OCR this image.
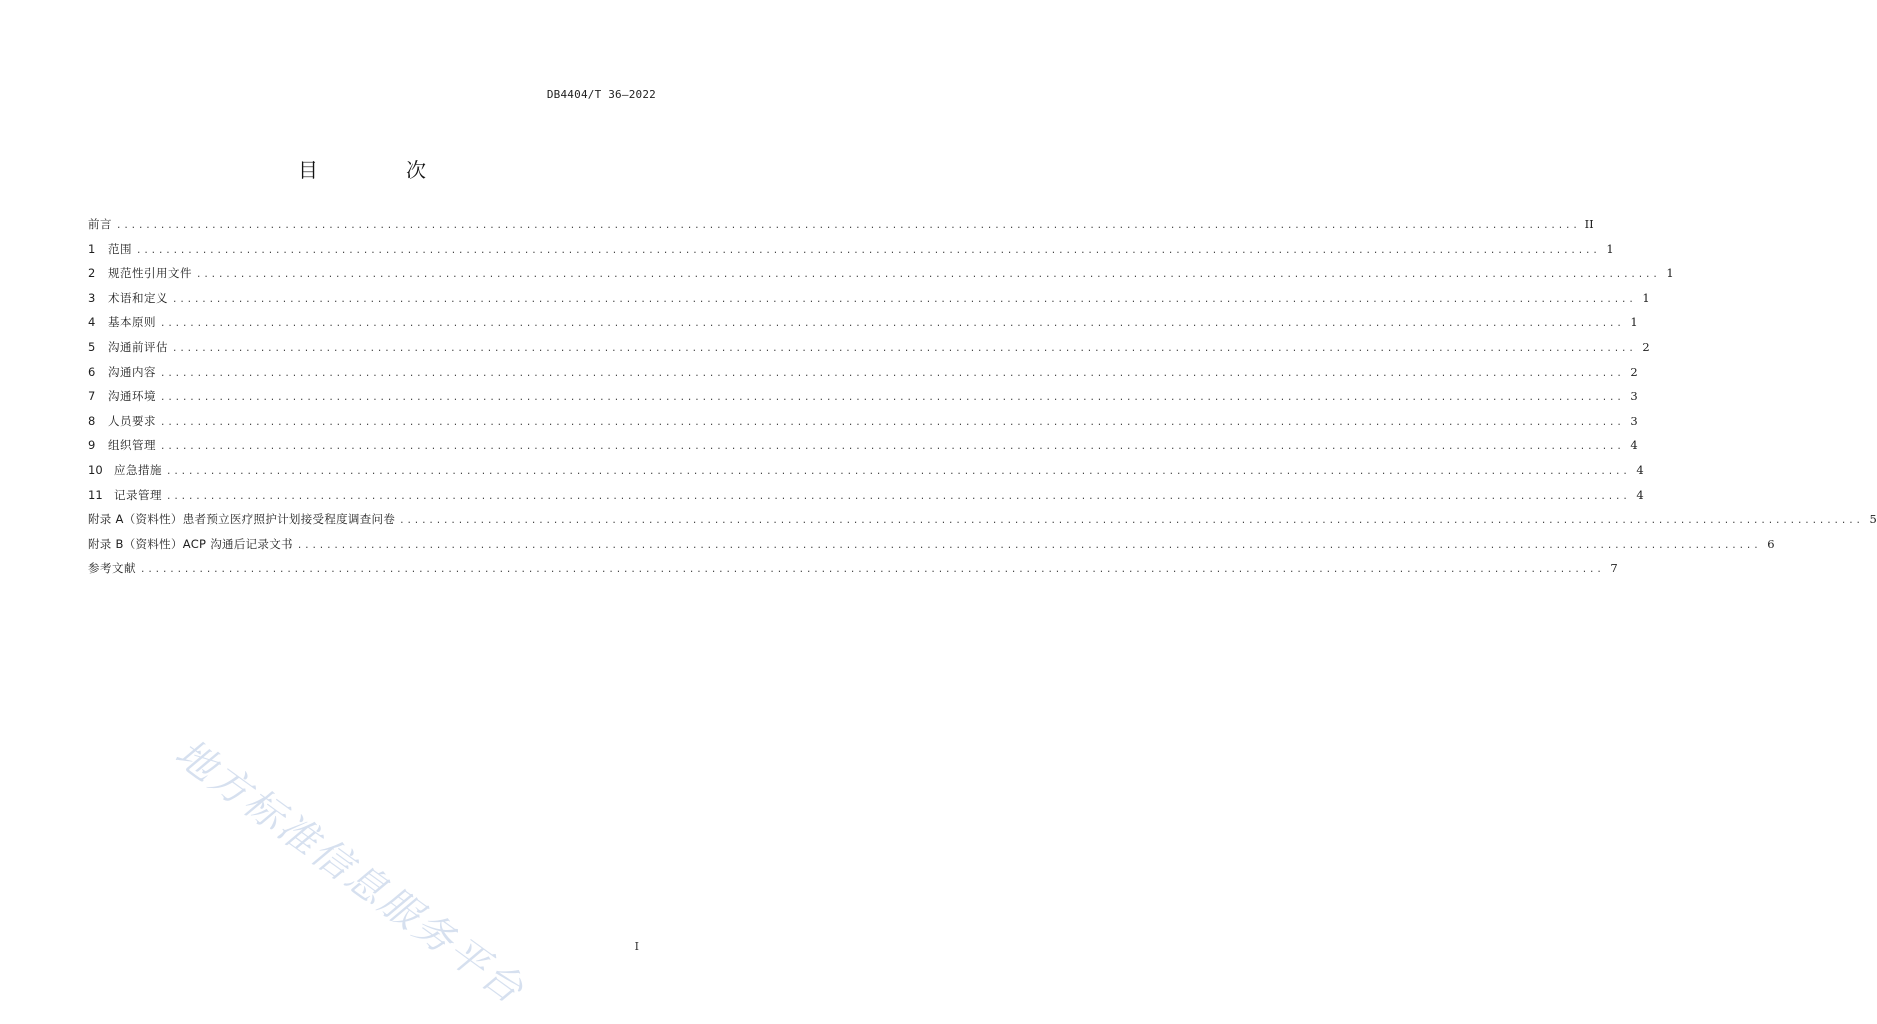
DB4404/T 36—2022
目　次
前言 ........................................................................................................................................................................................................ II
1	范围 ........................................................................................................................................................................................................ 1
2	规范性引用文件 ........................................................................................................................................................................................................ 1
3	术语和定义 ........................................................................................................................................................................................................ 1
4	基本原则 ........................................................................................................................................................................................................ 1
5	沟通前评估 ........................................................................................................................................................................................................ 2
6	沟通内容 ........................................................................................................................................................................................................ 2
7	沟通环境 ........................................................................................................................................................................................................ 3
8	人员要求 ........................................................................................................................................................................................................ 3
9	组织管理 ........................................................................................................................................................................................................ 4
10 应急措施 ........................................................................................................................................................................................................ 4
11 记录管理 ........................................................................................................................................................................................................ 4
附录 A（资料性） 患者预立医疗照护计划接受程度调查问卷 ........................................................................................................................................................................................................ 5
附录 B（资料性） ACP 沟通后记录文书 ........................................................................................................................................................................................................ 6
参考文献 ........................................................................................................................................................................................................ 7
地方标准信息服务平台	I
